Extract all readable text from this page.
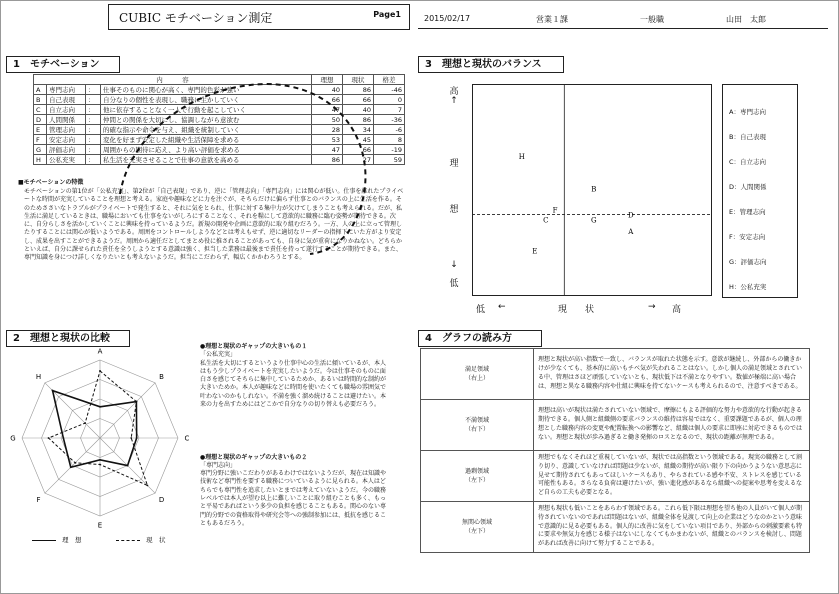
CUBIC モチベーション測定	Page1	2015/02/17	営業１課	一般職	山田　太郎
1　モチベーション
内　　　容				理想	現状	格差
A	専門志向	：	仕事そのものに関心が高く、専門的色彩が強い	40	86	-46
B	自己表現	：	自分なりの個性を表現し、職務に生かしていく	66	66	0
C	自立志向	：	他に依存することなく一人で行動を起こしていく	47	40	7
D	人間関係	：	仲間との関係を大切にし、協調しながら意欲む	50	86	-36
E	管理志向	：	的確な指示や命令を与え、組織を統制していく	28	34	-6
F	安定志向	：	変化を好まず安定した組織や生活保障を求める	53	45	8
G	評価志向	：	周囲からの期待に応え、より高い評価を求める	47	66	-19
H	公私充実	：	私生活を充実させることで仕事の意欲を高める	86	27	59
■モチベーションの特徴
モチベーションの第1位が「公私充実」、第2位が「自己表現」であり、逆に「管理志向」「専門志向」には関心が低い。仕事を離れたプライベートな時間が充実していることを理想と考える。家庭や趣味などに力を注ぐが、そちらだけに偏らず仕事とのバランスの上に生活を作る。そのためささいなトラブルがプライベートで発生すると、それに気をとられ、仕事に対する集中力が欠けてしまうことも考えられる。だが、私生活に満足しているときは、職場においても仕事をないがしろにすることなく、それを糧にして意欲的に職務に臨む姿勢が期待できる。次に、自分らしさを活かしていくことに興味を持っているようだ。新規の開発や企画に意欲的に取り組むだろう。一方、人の上に立って管理したりすることには関心が低いようである。周囲をコントロールしようなどとは考えもせず、逆に適切なリーダーの指揮下にいた方がより安定し、成果を出すことができるようだ。周囲から適任だとしてまとめ役に推されることがあっても、自身に気が重荷になりかねない。どちらかといえば、自分に課せられた責任を全うしようとする意識は強く、担当した業務は最後まで責任を持って遂行することが期待できる。また、専門知識を身につけ詳しくなりたいとも考えないようだ。担当にこだわらず、幅広くかかわろうとする。
2　理想と現状の比較
A
B
C
D
E
F
G
H
理　想	現　状
●理想と現状のギャップの大きいもの１
「公私充実」
私生活を大切にするというより仕事中心の生活に傾いているが、本人はもう少しプライベートを充実したいようだ。今は仕事そのものに面白さを感じてそちらに集中しているためか、あるいは時間的な制約が大きいためか。本人が趣味などに時間を使いたくても職場の雰囲気で叶わないのかもしれない。不満を強く溜め続けることは避けたい。本来の力を出すためにはどこかで自分なりの切り替えも必要だろう。
●理想と現状のギャップの大きいもの２
「専門志向」
専門分野に強いこだわりがあるわけではないようだが、現在は知識や技術など専門性を要する職務についているように見られる。本人はどちらでも専門性を追求したいとまでは考えていないようだ。今の職務レベルでは本人が望む以上に難しいことに取り組むことも多く、もっと平易であればという多少の負担を感じることもある。関心のない専門的分野での資格取得や研究会等への強制参加には、抵抗を感じることもあるだろう。
3　理想と現状のバランス
高
↑
理
想
↓
低
A
B
C
D
E
F
G
H
低 ←	現　　状	→ 高
A：専門志向
B：自己表現
C：自立志向
D：人間関係
E：管理志向
F：安定志向
G：評価志向
H：公私充実
4　グラフの読み方
満足領域
（右上）	理想と現状が高い指数で一致し、バランスが取れた状態を示す。意欲が継続し、外部からの働きかけが少なくても、基本的に高いもチベ気が失われることはない。しかし個人の満足領域とされている中、管理はさほど頑張していないとも、現状低下は不満となりやすい。数値が極端に高い場合は、理想と異なる職務内容や仕組に興味を持てないケースも考えられるので、注意すべきである。

不満領域
（右下）	理想は高いが現状は満たされていない領域で、摩擦にもよる評価的な努力や意欲的な行動が起きる期待できる。個人側と組織側の要求バランスの維持は容易ではなく、重要課題であるが、個人の理想とした職務内容の変更や配置転換への影響など、組織は個人の要求に即座に対応できるものではない。理想と現状が歩み過ぎると働き発揮のロスとなるので、現状の距離が無理である。

過剰領域
（左下）	理想でもなくそれほど重視していないが、現状では高指数という領域である。現実の職務として割り切り、意識していなければ問題は少ないが、組織の期待が高い限り下の向かうようない意思志に見せて期待されてもあってほしいケースもあり、やらされている感や不安、ストレスを感じている可能性もある。さらなる負荷は避けたいが、強い進化感があるなら組織への提案や思考を変えるなど自らの工夫も必要となる。

無関心領域
（左下）	理想も現状も低いことをあらわす領域である。これら低下限は理想を望ち他の人員がいて個人が期待されていないのであれば問題はないが、組織全体を見渡して向上の企業はどうなのかという意味で意識的に見る必要もある。個人的に改善に気をしていない項目であり、外部からの刺激要素も特に要求や無気力を感じる様子はないにしなくてもかまわないが、組織とのバランスを検討し、問題があれば改善に向けて努力することである。
